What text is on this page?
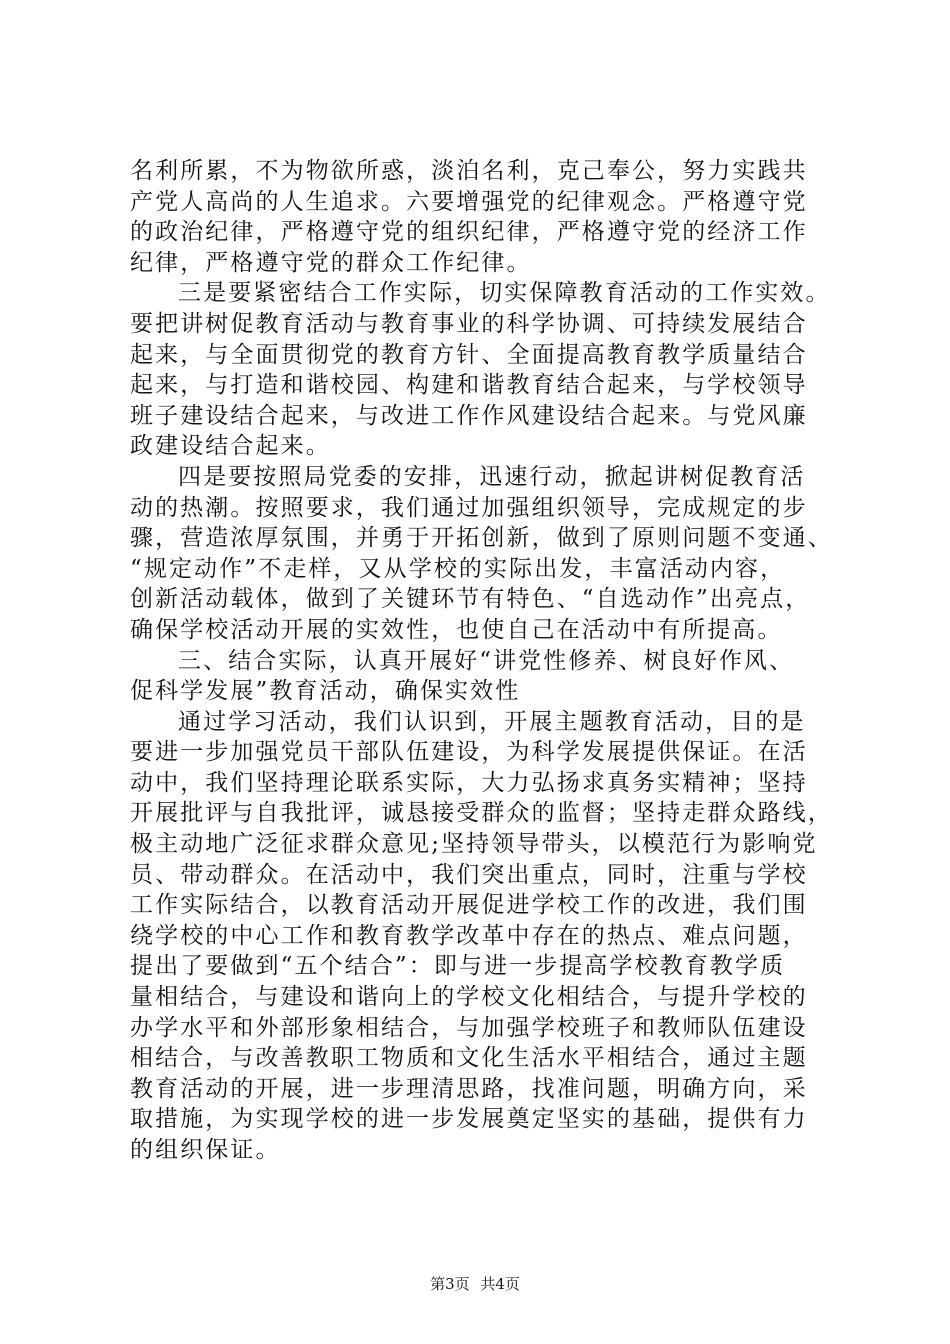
名利所累，不为物欲所惑，淡泊名利，克己奉公，努力实践共
产党人高尚的人生追求。六要增强党的纪律观念。严格遵守党
的政治纪律，严格遵守党的组织纪律，严格遵守党的经济工作
纪律，严格遵守党的群众工作纪律。
三是要紧密结合工作实际，切实保障教育活动的工作实效。
要把讲树促教育活动与教育事业的科学协调、可持续发展结合
起来，与全面贯彻党的教育方针、全面提高教育教学质量结合
起来，与打造和谐校园、构建和谐教育结合起来，与学校领导
班子建设结合起来，与改进工作作风建设结合起来。与党风廉
政建设结合起来。
四是要按照局党委的安排，迅速行动，掀起讲树促教育活
动的热潮。按照要求，我们通过加强组织领导，完成规定的步
骤，营造浓厚氛围，并勇于开拓创新，做到了原则问题不变通、
“规定动作”不走样，又从学校的实际出发，丰富活动内容，
创新活动载体，做到了关键环节有特色、“自选动作”出亮点，
确保学校活动开展的实效性，也使自己在活动中有所提高。
三、结合实际，认真开展好“讲党性修养、树良好作风、
促科学发展”教育活动，确保实效性
通过学习活动，我们认识到，开展主题教育活动，目的是
要进一步加强党员干部队伍建设，为科学发展提供保证。在活
动中，我们坚持理论联系实际，大力弘扬求真务实精神；坚持
开展批评与自我批评，诚恳接受群众的监督；坚持走群众路线，
极主动地广泛征求群众意见;坚持领导带头，以模范行为影响党
员、带动群众。在活动中，我们突出重点，同时，注重与学校
工作实际结合，以教育活动开展促进学校工作的改进，我们围
绕学校的中心工作和教育教学改革中存在的热点、难点问题，
提出了要做到“五个结合”：即与进一步提高学校教育教学质
量相结合，与建设和谐向上的学校文化相结合，与提升学校的
办学水平和外部形象相结合，与加强学校班子和教师队伍建设
相结合，与改善教职工物质和文化生活水平相结合，通过主题
教育活动的开展，进一步理清思路，找准问题，明确方向，采
取措施，为实现学校的进一步发展奠定坚实的基础，提供有力
的组织保证。
第3页 共4页
